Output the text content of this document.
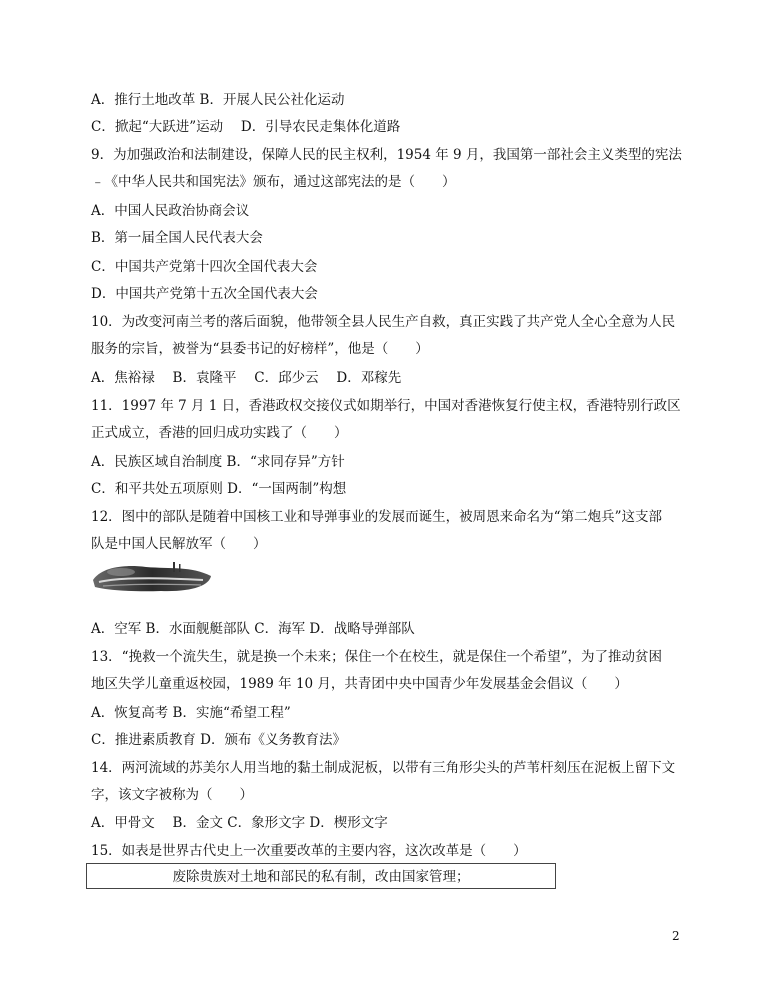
A．推行土地改革 B．开展人民公社化运动
C．掀起“大跃进”运动　 D．引导农民走集体化道路
9．为加强政治和法制建设，保障人民的民主权利，1954 年 9 月，我国第一部社会主义类型的宪法
﹣《中华人民共和国宪法》颁布，通过这部宪法的是（　　）
A．中国人民政治协商会议
B．第一届全国人民代表大会
C．中国共产党第十四次全国代表大会
D．中国共产党第十五次全国代表大会
10．为改变河南兰考的落后面貌，他带领全县人民生产自救，真正实践了共产党人全心全意为人民
服务的宗旨，被誉为“县委书记的好榜样”，他是（　　）
A．焦裕禄　 B．袁隆平　 C．邱少云　 D．邓稼先
11．1997 年 7 月 1 日，香港政权交接仪式如期举行，中国对香港恢复行使主权，香港特别行政区
正式成立，香港的回归成功实践了（　　）
A．民族区域自治制度 B．“求同存异”方针
C．和平共处五项原则 D．“一国两制”构想
12．图中的部队是随着中国核工业和导弹事业的发展而诞生，被周恩来命名为“第二炮兵”这支部
队是中国人民解放军（　　）
A．空军 B．水面舰艇部队 C．海军 D．战略导弹部队
13．“挽救一个流失生，就是换一个未来；保住一个在校生，就是保住一个希望”，为了推动贫困
地区失学儿童重返校园，1989 年 10 月，共青团中央中国青少年发展基金会倡议（　　）
A．恢复高考 B．实施“希望工程”
C．推进素质教育 D．颁布《义务教育法》
14．两河流域的苏美尔人用当地的黏土制成泥板，以带有三角形尖头的芦苇杆刻压在泥板上留下文
字，该文字被称为（　　）
A．甲骨文　 B．金文 C．象形文字 D．楔形文字
15．如表是世界古代史上一次重要改革的主要内容，这次改革是（　　）
废除贵族对土地和部民的私有制，改由国家管理；
2
